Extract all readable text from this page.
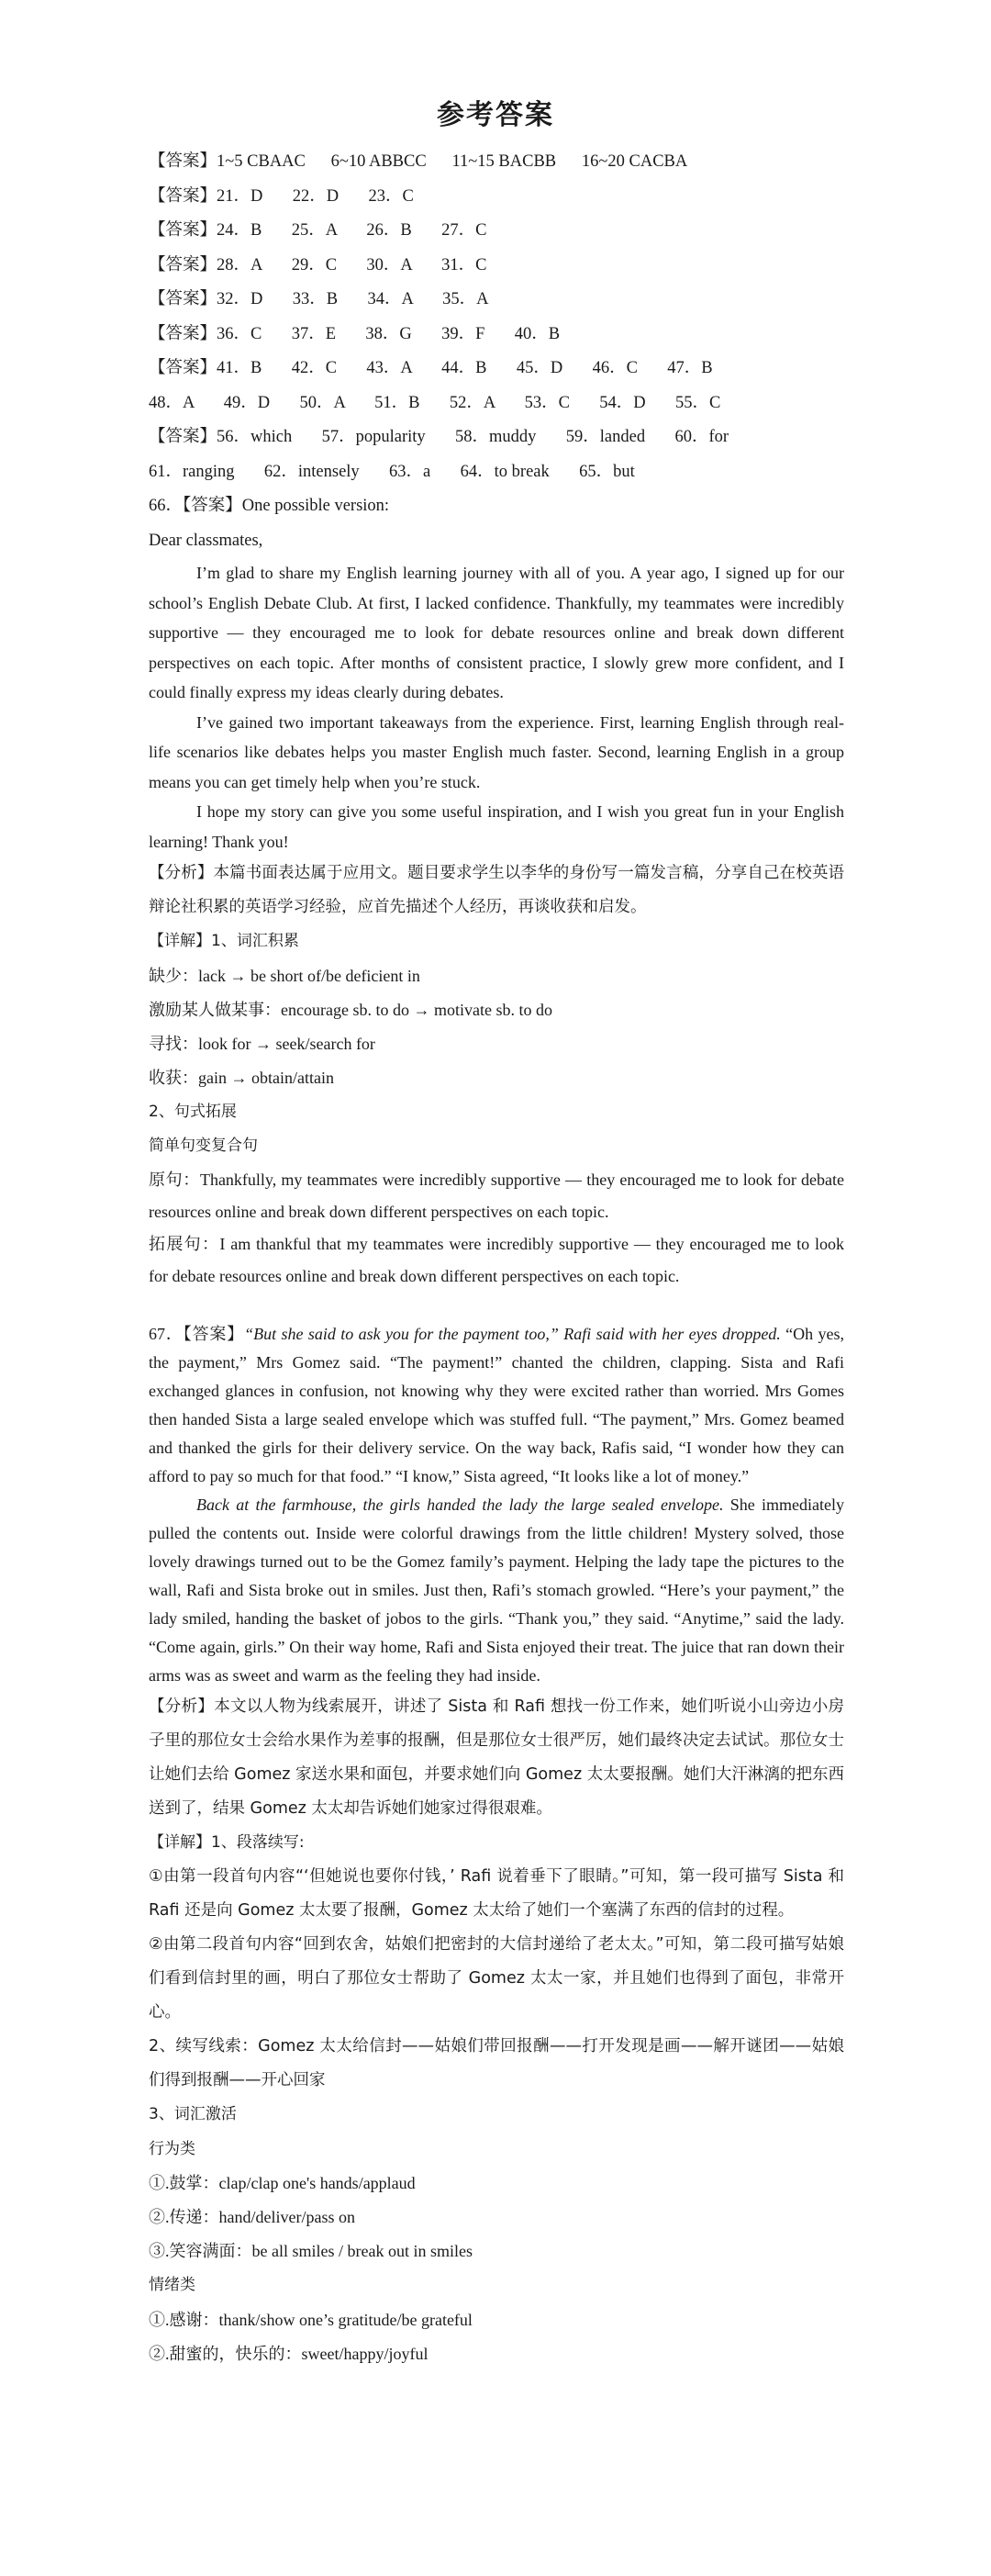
参考答案
【答案】1~5 CBAAC      6~10 ABBCC      11~15 BACBB      16~20 CACBA
【答案】21．D       22．D       23．C
【答案】24．B       25．A       26．B       27．C
【答案】28．A       29．C       30．A       31．C
【答案】32．D       33．B       34．A       35．A
【答案】36．C       37．E       38．G       39．F       40．B
【答案】41．B       42．C       43．A       44．B       45．D       46．C       47．B
48．A       49．D       50．A       51．B       52．A       53．C       54．D       55．C
【答案】56．which       57．popularity       58．muddy       59．landed       60．for
61．ranging       62．intensely       63．a       64．to break       65．but
66．【答案】One possible version:
Dear classmates,
I’m glad to share my English learning journey with all of you. A year ago, I signed up for our school’s English Debate Club. At first, I lacked confidence. Thankfully, my teammates were incredibly supportive — they encouraged me to look for debate resources online and break down different perspectives on each topic. After months of consistent practice, I slowly grew more confident, and I could finally express my ideas clearly during debates.
I’ve gained two important takeaways from the experience. First, learning English through real-life scenarios like debates helps you master English much faster. Second, learning English in a group means you can get timely help when you’re stuck.
I hope my story can give you some useful inspiration, and I wish you great fun in your English learning! Thank you!
【分析】本篇书面表达属于应用文。题目要求学生以李华的身份写一篇发言稿，分享自己在校英语辩论社积累的英语学习经验，应首先描述个人经历，再谈收获和启发。
【详解】1、词汇积累
缺少：lack → be short of/be deficient in
激励某人做某事：encourage sb. to do → motivate sb. to do
寻找：look for → seek/search for
收获：gain → obtain/attain
2、句式拓展
简单句变复合句
原句：Thankfully, my teammates were incredibly supportive — they encouraged me to look for debate resources online and break down different perspectives on each topic.
拓展句：I am thankful that my teammates were incredibly supportive — they encouraged me to look for debate resources online and break down different perspectives on each topic.
67．【答案】“But she said to ask you for the payment too,” Rafi said with her eyes dropped. “Oh yes, the payment,” Mrs Gomez said. “The payment!” chanted the children, clapping. Sista and Rafi exchanged glances in confusion, not knowing why they were excited rather than worried. Mrs Gomes then handed Sista a large sealed envelope which was stuffed full. “The payment,” Mrs. Gomez beamed and thanked the girls for their delivery service. On the way back, Rafis said, “I wonder how they can afford to pay so much for that food.” “I know,” Sista agreed, “It looks like a lot of money.”
Back at the farmhouse, the girls handed the lady the large sealed envelope. She immediately pulled the contents out. Inside were colorful drawings from the little children! Mystery solved, those lovely drawings turned out to be the Gomez family’s payment. Helping the lady tape the pictures to the wall, Rafi and Sista broke out in smiles. Just then, Rafi’s stomach growled. “Here’s your payment,” the lady smiled, handing the basket of jobos to the girls. “Thank you,” they said. “Anytime,” said the lady. “Come again, girls.” On their way home, Rafi and Sista enjoyed their treat. The juice that ran down their arms was as sweet and warm as the feeling they had inside.
【分析】本文以人物为线索展开，讲述了 Sista 和 Rafi 想找一份工作来，她们听说小山旁边小房子里的那位女士会给水果作为差事的报酬，但是那位女士很严厉，她们最终决定去试试。那位女士让她们去给 Gomez 家送水果和面包，并要求她们向 Gomez 太太要报酬。她们大汗淋漓的把东西送到了，结果 Gomez 太太却告诉她们她家过得很艰难。
【详解】1、段落续写:
①由第一段首句内容“‘但她说也要你付钱，’ Rafi 说着垂下了眼睛。”可知，第一段可描写 Sista 和 Rafi 还是向 Gomez 太太要了报酬，Gomez 太太给了她们一个塞满了东西的信封的过程。
②由第二段首句内容“回到农舍，姑娘们把密封的大信封递给了老太太。”可知，第二段可描写姑娘们看到信封里的画，明白了那位女士帮助了 Gomez 太太一家，并且她们也得到了面包，非常开心。
2、续写线索：Gomez 太太给信封——姑娘们带回报酬——打开发现是画——解开谜团——姑娘们得到报酬——开心回家
3、词汇激活
行为类
①.鼓掌：clap/clap one's hands/applaud
②.传递：hand/deliver/pass on
③.笑容满面：be all smiles / break out in smiles
情绪类
①.感谢：thank/show one’s gratitude/be grateful
②.甜蜜的，快乐的：sweet/happy/joyful
